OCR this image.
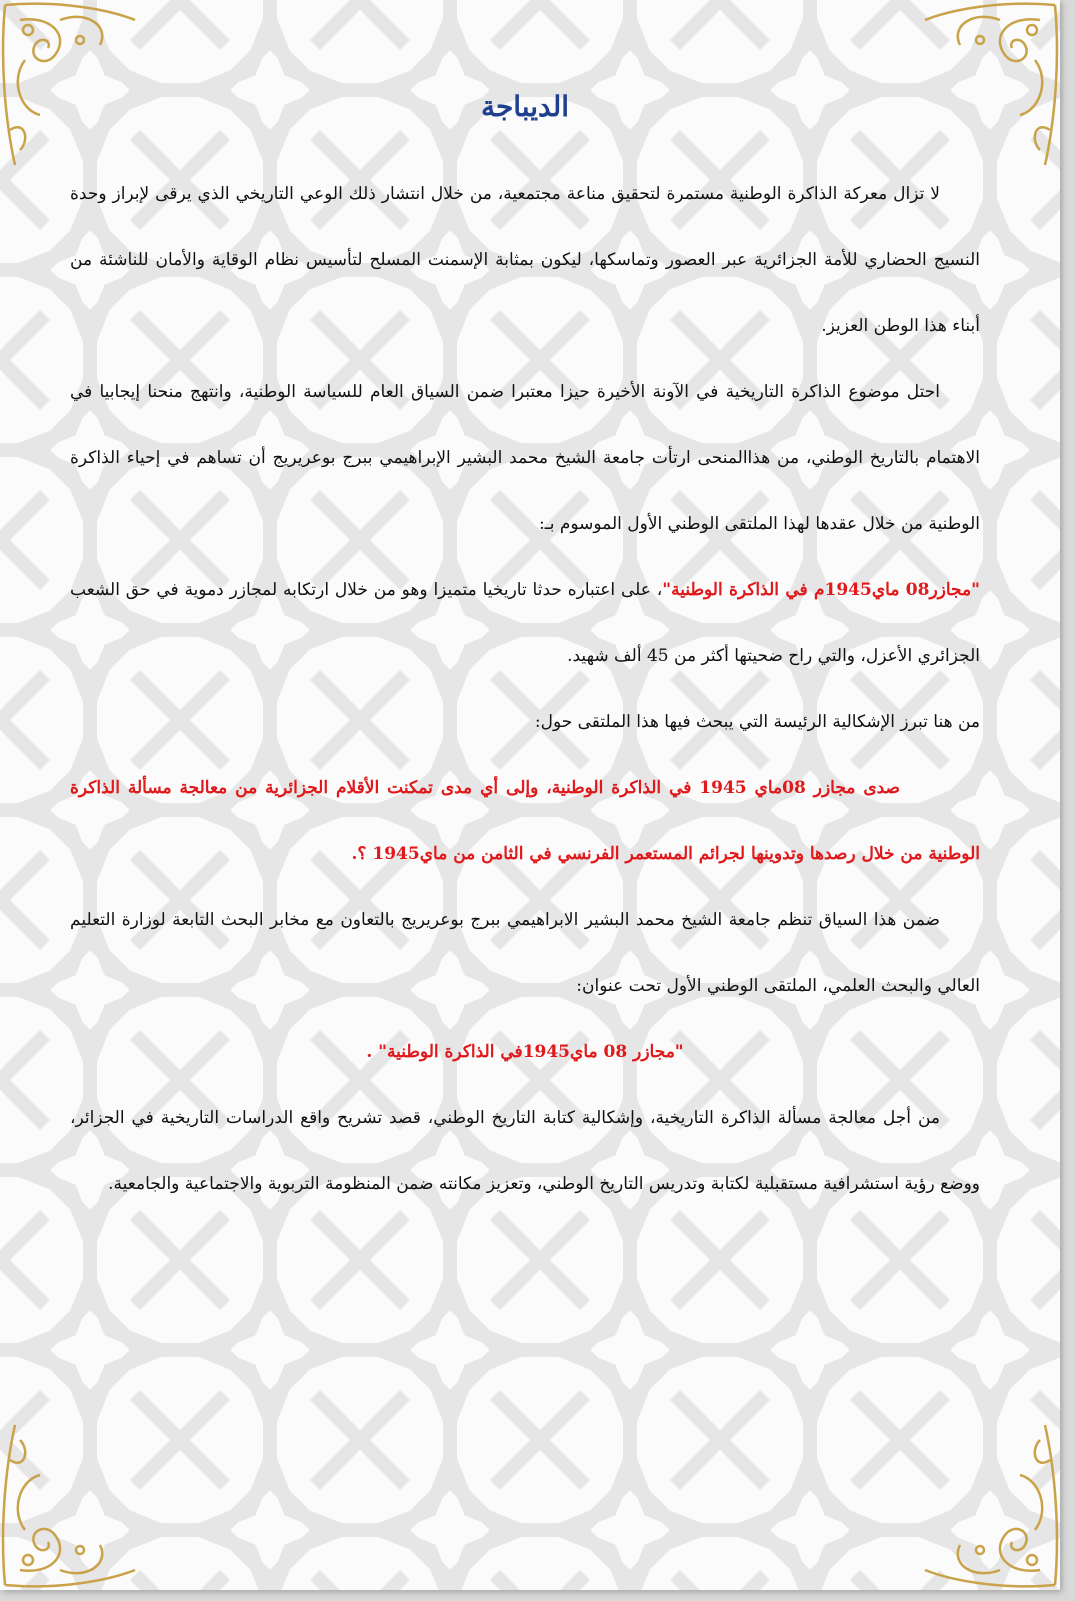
الديباجة

لا تزال معركة الذاكرة الوطنية مستمرة لتحقيق مناعة مجتمعية، من خلال انتشار ذلك الوعي التاريخي الذي يرقى لإبراز وحدة النسيج الحضاري للأمة الجزائرية عبر العصور وتماسكها، ليكون بمثابة الإسمنت المسلح لتأسيس نظام الوقاية والأمان للناشئة من أبناء هذا الوطن العزيز.

احتل موضوع الذاكرة التاريخية في الآونة الأخيرة حيزا معتبرا ضمن السياق العام للسياسة الوطنية، وانتهج منحنا إيجابيا في الاهتمام بالتاريخ الوطني، من هذاالمنحى ارتأت جامعة الشيخ محمد البشير الإبراهيمي ببرج بوعريريج أن تساهم في إحياء الذاكرة الوطنية من خلال عقدها لهذا الملتقى الوطني الأول الموسوم بـ:

"مجازر08 ماي1945م في الذاكرة الوطنية"، على اعتباره حدثا تاريخيا متميزا وهو من خلال ارتكابه لمجازر دموية في حق الشعب الجزائري الأعزل، والتي راح ضحيتها أكثر من 45 ألف شهيد.

من هنا تبرز الإشكالية الرئيسة التي يبحث فيها هذا الملتقى حول:

صدى مجازر 08ماي 1945 في الذاكرة الوطنية، وإلى أي مدى تمكنت الأقلام الجزائرية من معالجة مسألة الذاكرة الوطنية من خلال رصدها وتدوينها لجرائم المستعمر الفرنسي في الثامن من ماي1945 ؟.

ضمن هذا السياق تنظم جامعة الشيخ محمد البشير الابراهيمي ببرج بوعريريج بالتعاون مع مخابر البحث التابعة لوزارة التعليم العالي والبحث العلمي، الملتقى الوطني الأول تحت عنوان:

"مجازر 08 ماي1945في الذاكرة الوطنية" .

من أجل معالجة مسألة الذاكرة التاريخية، وإشكالية كتابة التاريخ الوطني، قصد تشريح واقع الدراسات التاريخية في الجزائر، ووضع رؤية استشرافية مستقبلية لكتابة وتدريس التاريخ الوطني، وتعزيز مكانته ضمن المنظومة التربوية والاجتماعية والجامعية.
